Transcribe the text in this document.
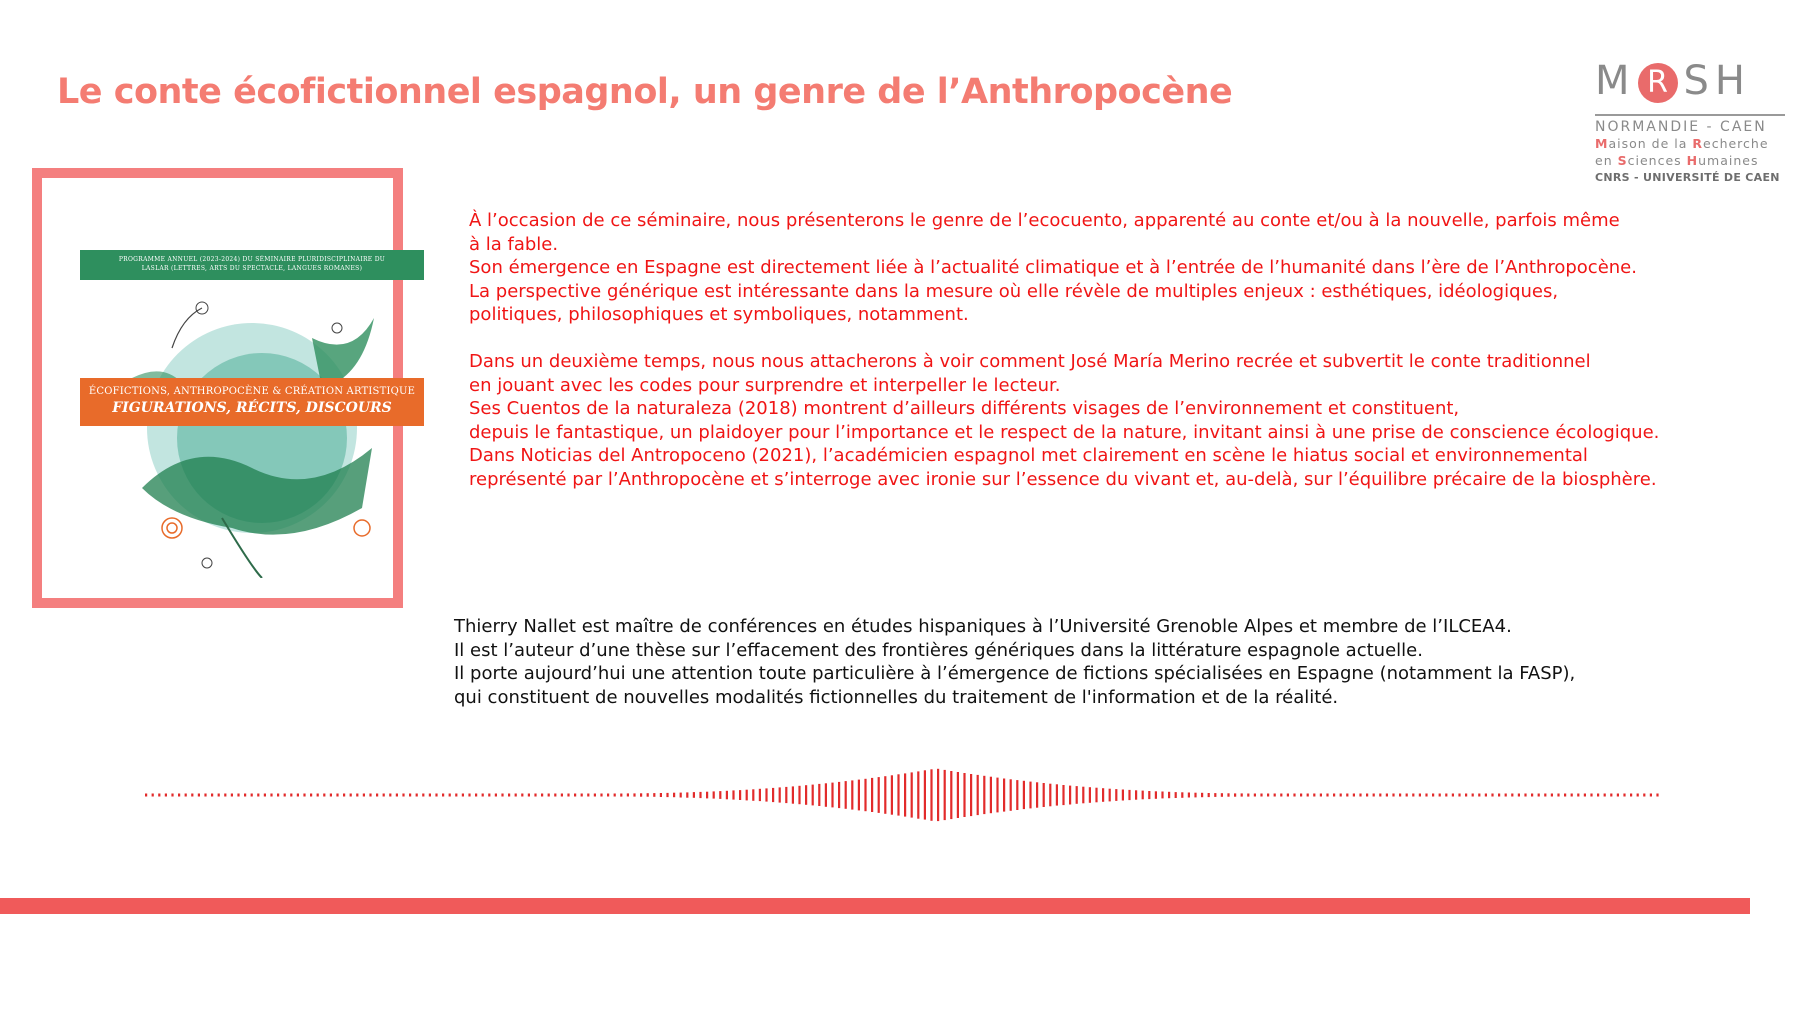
Le conte écofictionnel espagnol, un genre de l’Anthropocène	M R SH
NORMANDIE - CAEN
Maison de la Recherche
en Sciences Humaines
CNRS - UNIVERSITÉ DE CAEN
PROGRAMME ANNUEL (2023-2024) DU SÉMINAIRE PLURIDISCIPLINAIRE DU
LASLAR (LETTRES, ARTS DU SPECTACLE, LANGUES ROMANES)
ÉCOFICTIONS, ANTHROPOCÈNE & CRÉATION ARTISTIQUE
FIGURATIONS, RÉCITS, DISCOURS
À l’occasion de ce séminaire, nous présenterons le genre de l’ecocuento, apparenté au conte et/ou à la nouvelle, parfois même
à la fable.
Son émergence en Espagne est directement liée à l’actualité climatique et à l’entrée de l’humanité dans l’ère de l’Anthropocène.
La perspective générique est intéressante dans la mesure où elle révèle de multiples enjeux : esthétiques, idéologiques,
politiques, philosophiques et symboliques, notamment.
Dans un deuxième temps, nous nous attacherons à voir comment José María Merino recrée et subvertit le conte traditionnel
en jouant avec les codes pour surprendre et interpeller le lecteur.
Ses Cuentos de la naturaleza (2018) montrent d’ailleurs différents visages de l’environnement et constituent,
depuis le fantastique, un plaidoyer pour l’importance et le respect de la nature, invitant ainsi à une prise de conscience écologique.
Dans Noticias del Antropoceno (2021), l’académicien espagnol met clairement en scène le hiatus social et environnemental
représenté par l’Anthropocène et s’interroge avec ironie sur l’essence du vivant et, au-delà, sur l’équilibre précaire de la biosphère.
Thierry Nallet est maître de conférences en études hispaniques à l’Université Grenoble Alpes et membre de l’ILCEA4.
Il est l’auteur d’une thèse sur l’effacement des frontières génériques dans la littérature espagnole actuelle.
Il porte aujourd’hui une attention toute particulière à l’émergence de fictions spécialisées en Espagne (notamment la FASP),
qui constituent de nouvelles modalités fictionnelles du traitement de l'information et de la réalité.
